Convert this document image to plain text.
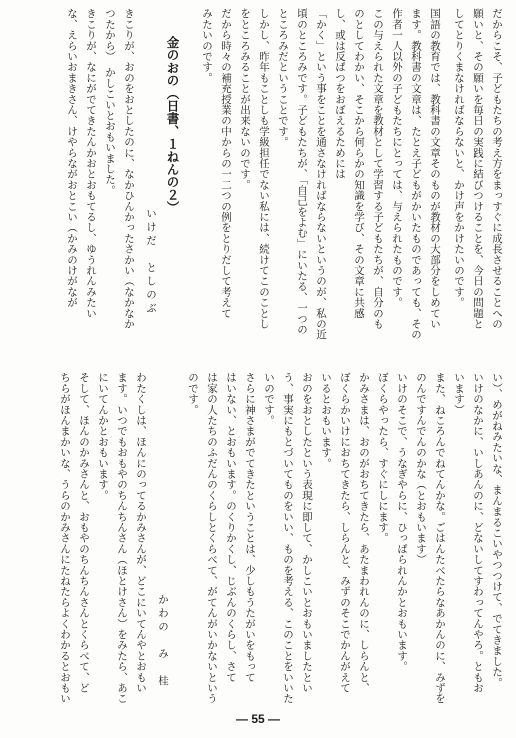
だからこそ、子どもたちの考え方をまっすぐに成長させることへの
願いと、その願いを毎日の実践に結びつけることを、今日の問題と
してとりくまなければならないと、かけ声をかけたいのです。
国語の教育では、教科書の文章そのものが教材の大部分をしめてい
ます。教科書の文章は、たとえ子どもがかいたものであっても、その
作者一人以外の子どもたちにとっては、与えられたものです。
この与えられた文章を教材として学習する子どもたちが、自分のも
のとしてわかい、そこから何らかの知識を学び、その文章に共感
し、或は反ぱつをおぼえるためには
「かく」という事をことを通さなければならないというのが、私の近
頃のところみです。子どもたちが、「自己をよむ」にいたる、一つの
ところみだということです。
しかし、昨年もことしも学級担任でない私には、続けてこのことし
をところみることが出来ないのです。
だから時々の補充授業の中からの一二つの例をとりだして考えて
みたいのです。
金のおの（日書、１ねんの２）
いけだ　としのぶ
きこりが、おのをおとしたのに、なかひんかったさかい（なかなか
つたから）　かしこいとおもいました。
きこりが、なにがでてきたんかおとおもてるし、ゆうれんみたい
な、えらいおまきさん、けやらながおとこい（かみのけがなが
い）、めがねみたいな、まんまるこいやつつけて、でてきました。
いけのなかに、いしあんのに、どないしてすわってんやろ。ともお
います）
また、ねころんでねてんかな。ごはんたべたらなあかんのに、みずを
のんですんでんのかな（とおもいます）
いけのそこで、うなぎやらに、ひっぱられんかとおもいます。
ぼくらやったら、すぐにしにます。
かみさまは、おのがおちてきたら、あたまわれんのに、しらんと、
ぼくらかいけにおちてきたら、しらんと、みずのそこでかんがえて
いるとおもいます。
おのをおとしたという表現に即して、かしこいとおもいましたとい
う、事実にもとづいてものをいい、ものを考える、このことをいいた
いのです。
さらに神さまがでてきたということは、少しもうたがいをもって
はいない、とおもいます。のくりかくし、じぶんのくらし、さて
は家の人たちのふだんのくらしとくらべて、がてんがいかないという
のです。
かわの　み　桂
わたくしは、ほんにのってるかみさんが、どこにいてんやとおもい
ます。いつでもおもやのちんちんさん（ほとけさん）をみたら、あこ
にいてんかとおもいます。
そして、ほんのかみさんと、おもやのちんちんさんとくらべて、ど
ちらがほんまかいな、うらのかみさんにたねたらよくわかるとおもい
— 55 —
